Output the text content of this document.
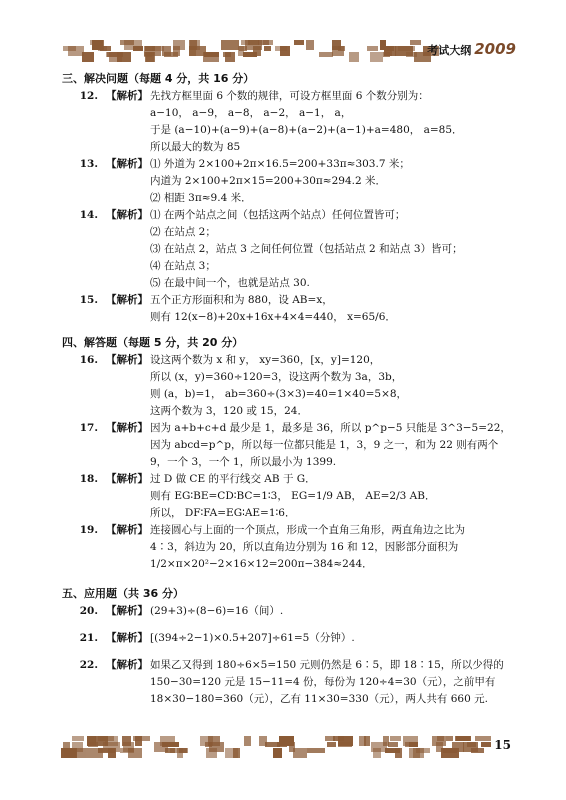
考试大纲 2009
三、解决问题（每题 4 分，共 16 分）
12. 【解析】 先找方框里面 6 个数的规律，可设方框里面 6 个数分别为：
a−10， a−9， a−8， a−2， a−1， a，
于是 (a−10)+(a−9)+(a−8)+(a−2)+(a−1)+a=480， a=85．
所以最大的数为 85
13. 【解析】 ⑴ 外道为 2×100+2π×16.5=200+33π≈303.7 米；
内道为 2×100+2π×15=200+30π≈294.2 米．
⑵ 相距 3π≈9.4 米．
14. 【解析】 ⑴ 在两个站点之间（包括这两个站点）任何位置皆可；
⑵ 在站点 2；
⑶ 在站点 2，站点 3 之间任何位置（包括站点 2 和站点 3）皆可；
⑷ 在站点 3；
⑸ 在最中间一个，也就是站点 30.
15. 【解析】 五个正方形面积和为 880，设 AB=x，
则有 12(x−8)+20x+16x+4×4=440， x=65/6．
四、解答题（每题 5 分，共 20 分）
16. 【解析】 设这两个数为 x 和 y， xy=360，[x，y]=120，
所以 (x，y)=360÷120=3，设这两个数为 3a，3b，
则 (a，b)=1， ab=360÷(3×3)=40=1×40=5×8，
这两个数为 3，120 或 15，24．
17. 【解析】 因为 a+b+c+d 最少是 1，最多是 36，所以 p^p−5 只能是 3^3−5=22，
因为 abcd=p^p，所以每一位都只能是 1，3，9 之一，和为 22 则有两个
9，一个 3，一个 1，所以最小为 1399.
18. 【解析】 过 D 做 CE 的平行线交 AB 于 G．
则有 EG∶BE=CD∶BC=1∶3， EG=1/9 AB， AE=2/3 AB．
所以， DF∶FA=EG∶AE=1∶6．
19. 【解析】 连接圆心与上面的一个顶点，形成一个直角三角形，两直角边之比为
4∶3，斜边为 20，所以直角边分别为 16 和 12，因影部分面积为
1/2×π×20²−2×16×12=200π−384≈244．
五、应用题（共 36 分）
20. 【解析】 (29+3)÷(8−6)=16（间）.
21. 【解析】 [(394÷2−1)×0.5+207]÷61=5（分钟）.
22. 【解析】 如果乙又得到 180÷6×5=150 元则仍然是 6∶5，即 18∶15，所以少得的
150−30=120 元是 15−11=4 份，每份为 120÷4=30（元），之前甲有
18×30−180=360（元），乙有 11×30=330（元），两人共有 660 元.
15
